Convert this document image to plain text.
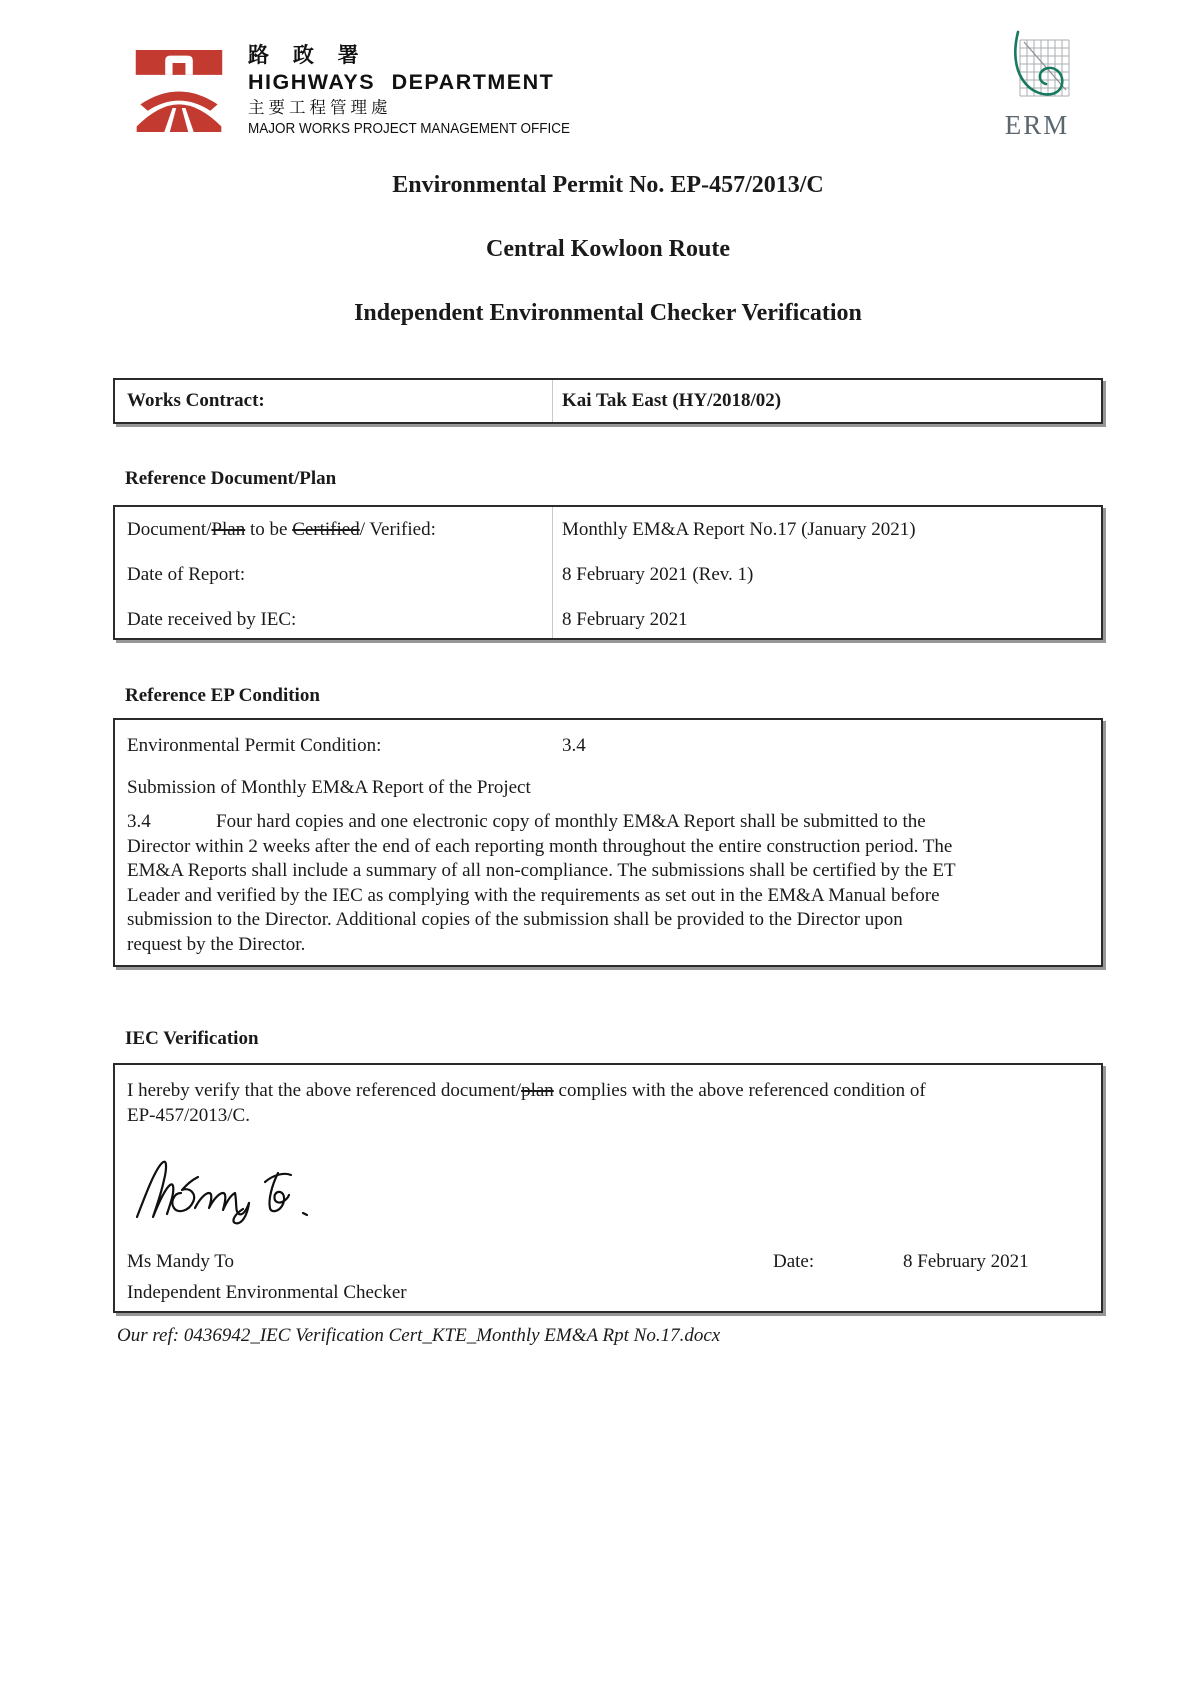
路 政 署
HIGHWAYS DEPARTMENT
主要工程管理處
MAJOR WORKS PROJECT MANAGEMENT OFFICE	ERM
Environmental Permit No. EP-457/2013/C
Central Kowloon Route
Independent Environmental Checker Verification
Works Contract:	Kai Tak East (HY/2018/02)
Reference Document/Plan
Document/Plan to be Certified/ Verified:	Monthly EM&A Report No.17 (January 2021)
Date of Report:	8 February 2021 (Rev. 1)
Date received by IEC:	8 February 2021
Reference EP Condition
Environmental Permit Condition:	3.4
Submission of Monthly EM&A Report of the Project
3.4	Four hard copies and one electronic copy of monthly EM&A Report shall be submitted to the
Director within 2 weeks after the end of each reporting month throughout the entire construction period. The
EM&A Reports shall include a summary of all non-compliance. The submissions shall be certified by the ET
Leader and verified by the IEC as complying with the requirements as set out in the EM&A Manual before
submission to the Director. Additional copies of the submission shall be provided to the Director upon
request by the Director.
IEC Verification
I hereby verify that the above referenced document/plan complies with the above referenced condition of
EP-457/2013/C.
Ms Mandy To	Date:	8 February 2021
Independent Environmental Checker
Our ref: 0436942_IEC Verification Cert_KTE_Monthly EM&A Rpt No.17.docx
